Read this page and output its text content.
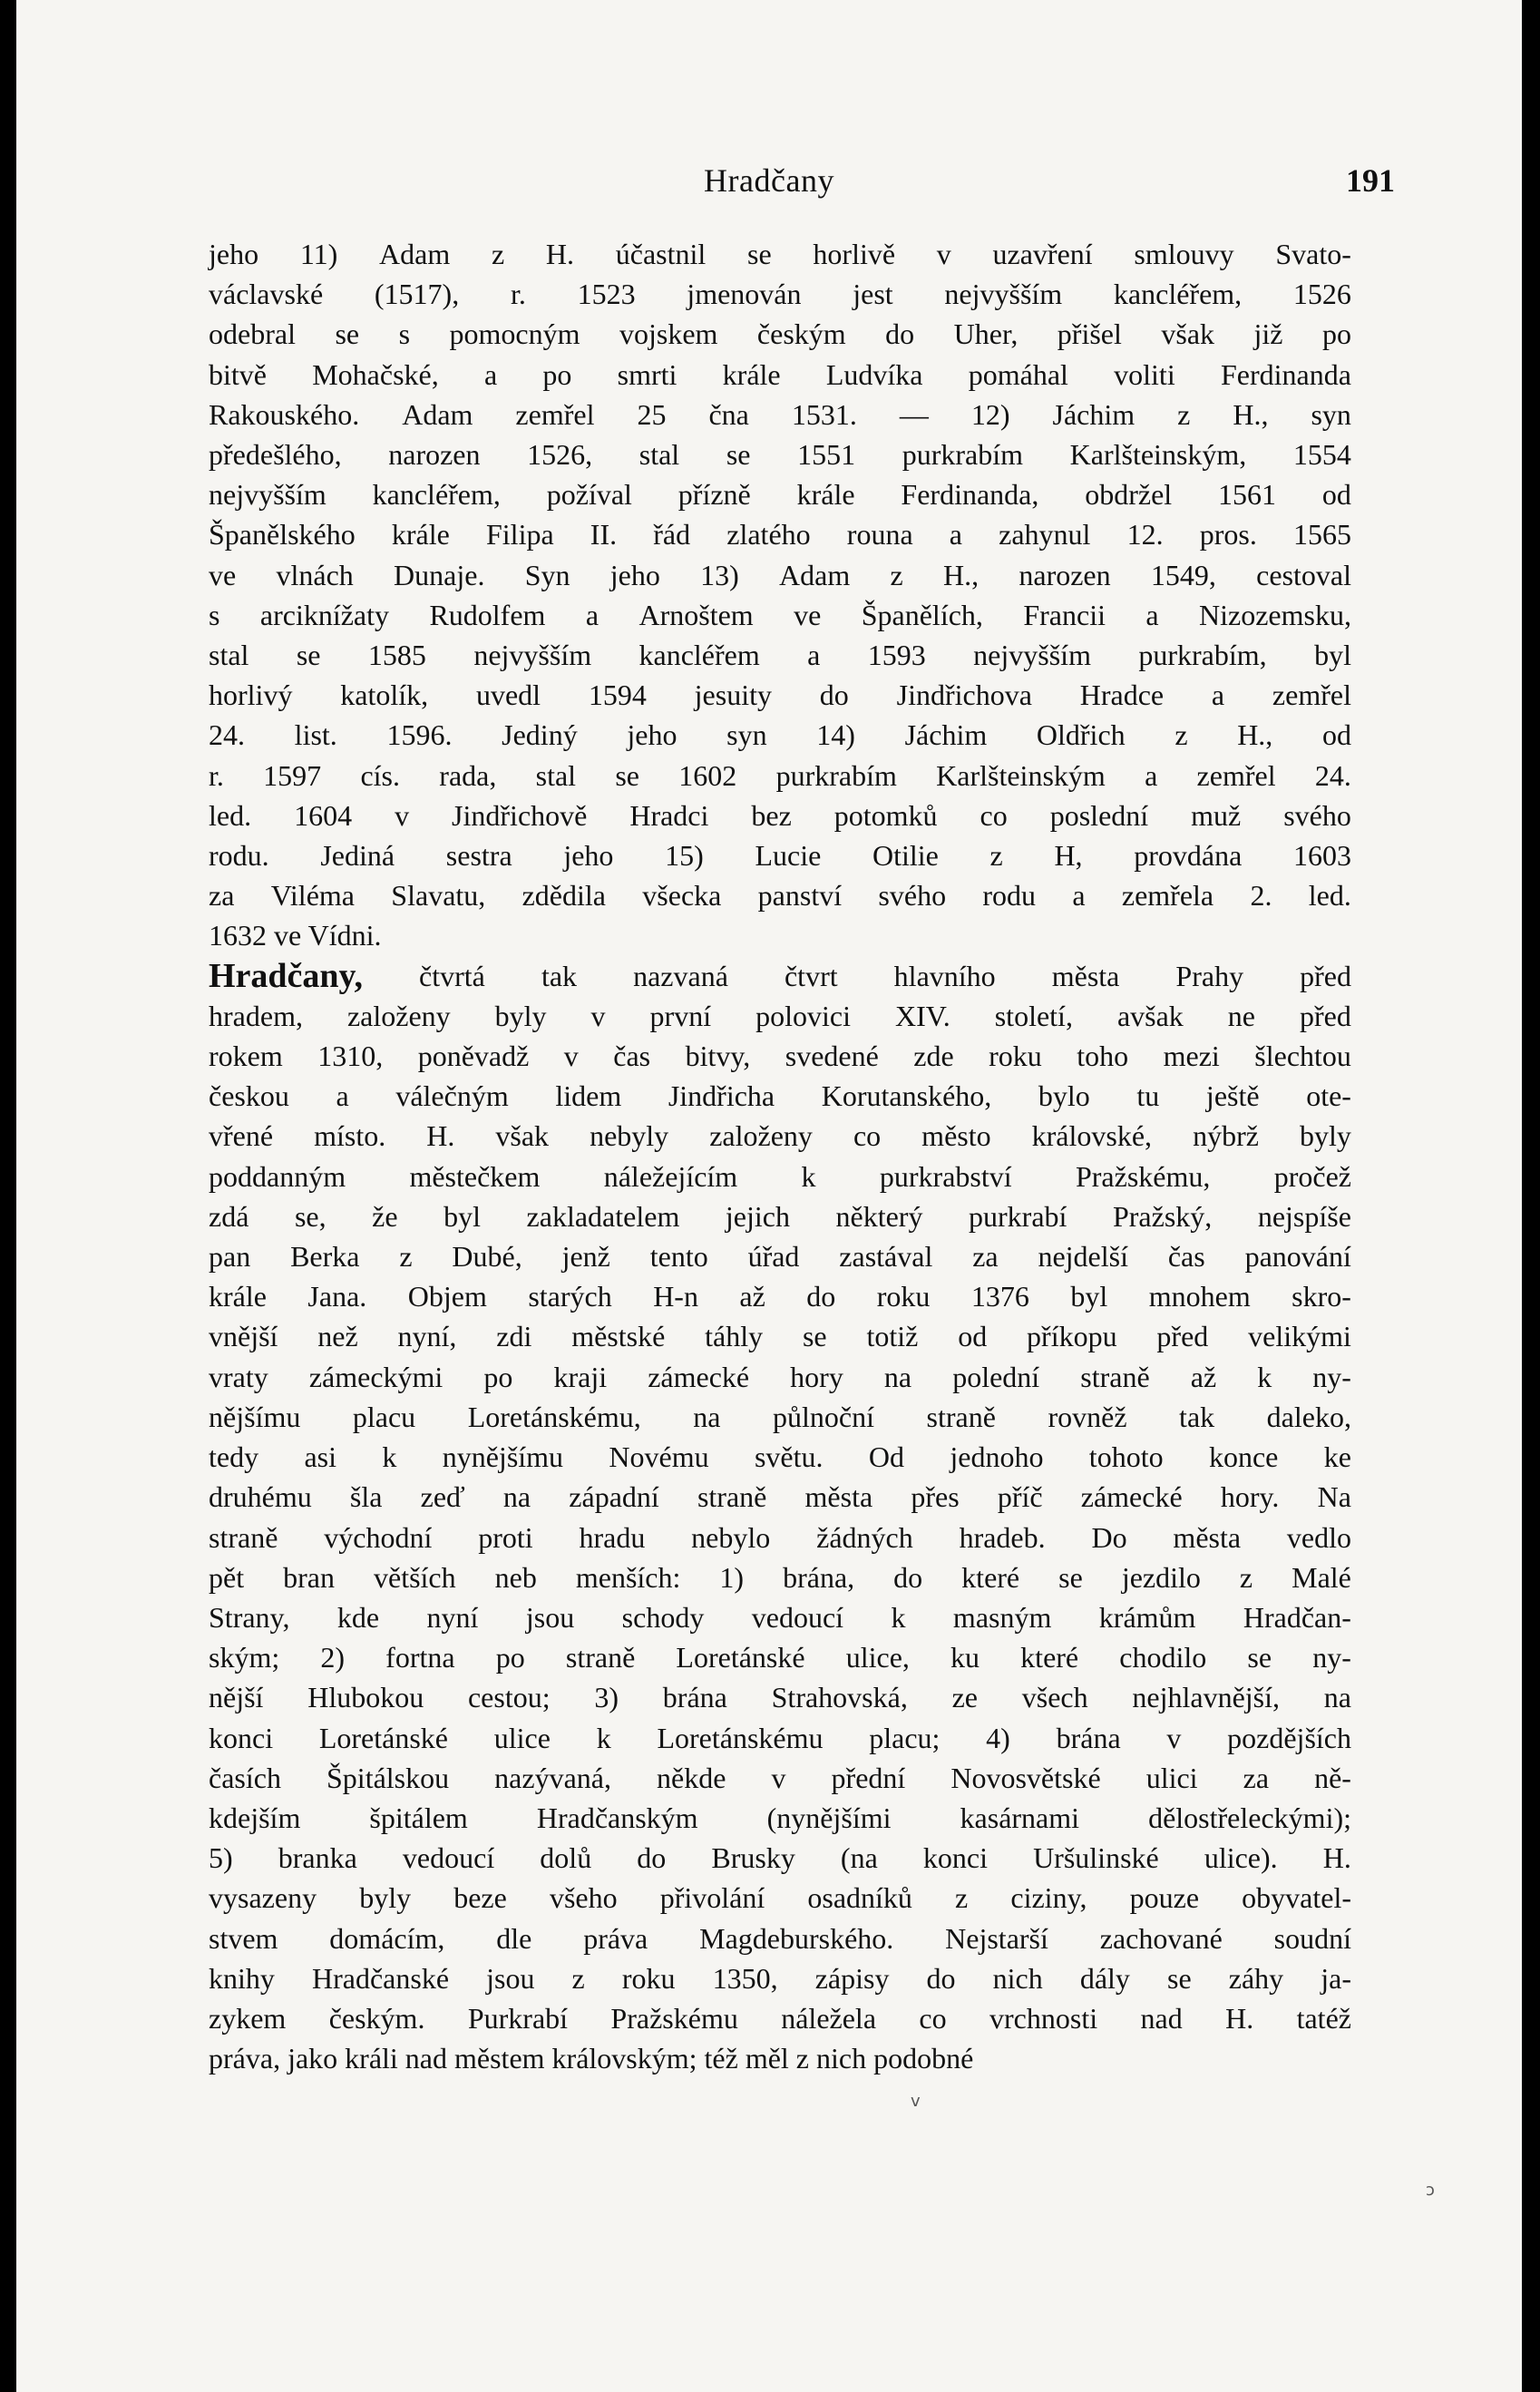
Hradčany	191
jeho 11) Adam z H. účastnil se horlivě v uzavření smlouvy Svato-
václavské (1517), r. 1523 jmenován jest nejvyšším kancléřem, 1526
odebral se s pomocným vojskem českým do Uher, přišel však již po
bitvě Mohačské, a po smrti krále Ludvíka pomáhal voliti Ferdinanda
Rakouského. Adam zemřel 25 čna 1531. — 12) Jáchim z H., syn
předešlého, narozen 1526, stal se 1551 purkrabím Karlšteinským, 1554
nejvyšším kancléřem, požíval přízně krále Ferdinanda, obdržel 1561 od
Španělského krále Filipa II. řád zlatého rouna a zahynul 12. pros. 1565
ve vlnách Dunaje. Syn jeho 13) Adam z H., narozen 1549, cestoval
s arciknížaty Rudolfem a Arnoštem ve Španělích, Francii a Nizozemsku,
stal se 1585 nejvyšším kancléřem a 1593 nejvyšším purkrabím, byl
horlivý katolík, uvedl 1594 jesuity do Jindřichova Hradce a zemřel
24. list. 1596. Jediný jeho syn 14) Jáchim Oldřich z H., od
r. 1597 cís. rada, stal se 1602 purkrabím Karlšteinským a zemřel 24.
led. 1604 v Jindřichově Hradci bez potomků co poslední muž svého
rodu. Jediná sestra jeho 15) Lucie Otilie z H, provdána 1603
za Viléma Slavatu, zdědila všecka panství svého rodu a zemřela 2. led.
1632 ve Vídni.
Hradčany, čtvrtá tak nazvaná čtvrt hlavního města Prahy před
hradem, založeny byly v první polovici XIV. století, avšak ne před
rokem 1310, poněvadž v čas bitvy, svedené zde roku toho mezi šlechtou
českou a válečným lidem Jindřicha Korutanského, bylo tu ještě ote-
vřené místo. H. však nebyly založeny co město královské, nýbrž byly
poddanným městečkem náležejícím k purkrabství Pražskému, pročež
zdá se, že byl zakladatelem jejich některý purkrabí Pražský, nejspíše
pan Berka z Dubé, jenž tento úřad zastával za nejdelší čas panování
krále Jana. Objem starých H-n až do roku 1376 byl mnohem skro-
vnější než nyní, zdi městské táhly se totiž od příkopu před velikými
vraty zámeckými po kraji zámecké hory na polední straně až k ny-
nějšímu placu Loretánskému, na půlnoční straně rovněž tak daleko,
tedy asi k nynějšímu Novému světu. Od jednoho tohoto konce ke
druhému šla zeď na západní straně města přes příč zámecké hory. Na
straně východní proti hradu nebylo žádných hradeb. Do města vedlo
pět bran větších neb menších: 1) brána, do které se jezdilo z Malé
Strany, kde nyní jsou schody vedoucí k masným krámům Hradčan-
ským; 2) fortna po straně Loretánské ulice, ku které chodilo se ny-
nější Hlubokou cestou; 3) brána Strahovská, ze všech nejhlavnější, na
konci Loretánské ulice k Loretánskému placu; 4) brána v pozdějších
časích Špitálskou nazývaná, někde v přední Novosvětské ulici za ně-
kdejším špitálem Hradčanským (nynějšími kasárnami dělostřeleckými);
5) branka vedoucí dolů do Brusky (na konci Uršulinské ulice). H.
vysazeny byly beze všeho přivolání osadníků z ciziny, pouze obyvatel-
stvem domácím, dle práva Magdeburského. Nejstarší zachované soudní
knihy Hradčanské jsou z roku 1350, zápisy do nich dály se záhy ja-
zykem českým. Purkrabí Pražskému náležela co vrchnosti nad H. tatéž
práva, jako králi nad městem královským; též měl z nich podobné
v
ɔ
